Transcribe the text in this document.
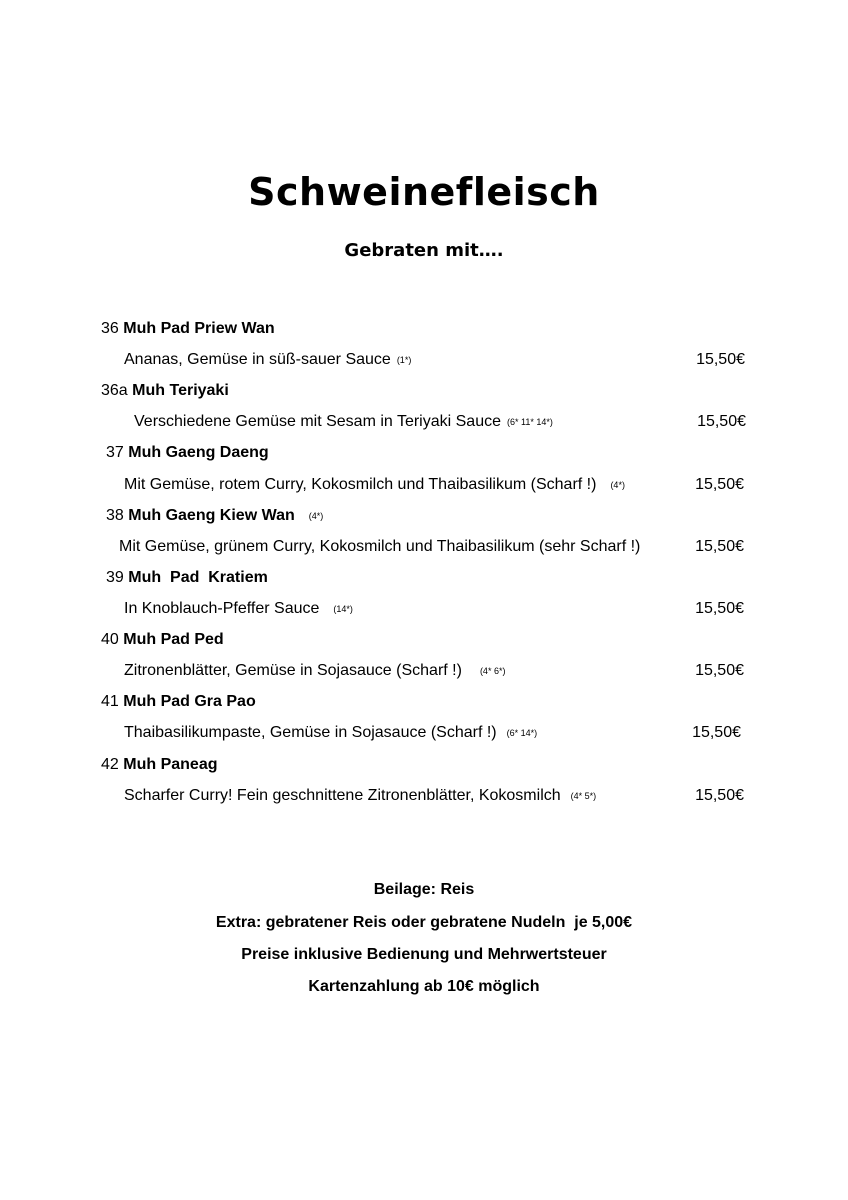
Schweinefleisch
Gebraten mit….
36 Muh Pad Priew Wan
Ananas, Gemüse in süß-sauer Sauce (1*)	15,50€
36a Muh Teriyaki
Verschiedene Gemüse mit Sesam in Teriyaki Sauce (6* 11* 14*)	15,50€
37 Muh Gaeng Daeng
Mit Gemüse, rotem Curry, Kokosmilch und Thaibasilikum (Scharf !) (4*)	15,50€
38 Muh Gaeng Kiew Wan (4*)
Mit Gemüse, grünem Curry, Kokosmilch und Thaibasilikum (sehr Scharf !)	15,50€
39 Muh  Pad  Kratiem
In Knoblauch-Pfeffer Sauce (14*)	15,50€
40 Muh Pad Ped
Zitronenblätter, Gemüse in Sojasauce (Scharf !) (4* 6*)	15,50€
41 Muh Pad Gra Pao
Thaibasilikumpaste, Gemüse in Sojasauce (Scharf !) (6* 14*)	15,50€
42 Muh Paneag
Scharfer Curry! Fein geschnittene Zitronenblätter, Kokosmilch (4* 5*)	15,50€
Beilage: Reis
Extra: gebratener Reis oder gebratene Nudeln  je 5,00€
Preise inklusive Bedienung und Mehrwertsteuer
Kartenzahlung ab 10€ möglich
